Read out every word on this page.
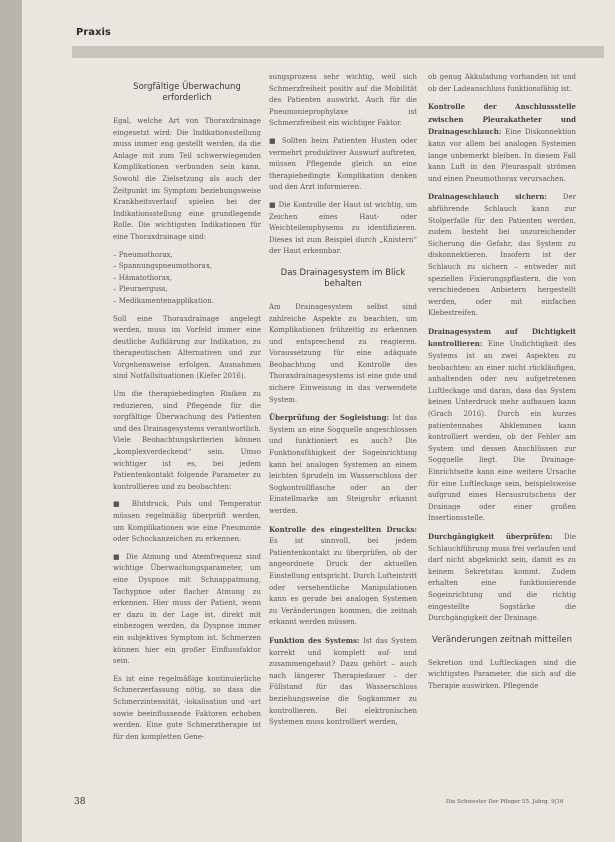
Praxis
Sorgfältige Überwachung erforderlich

Egal, welche Art von Thoraxdrainage eingesetzt wird: Die Indikationsstellung muss immer eng gestellt werden, da die Anlage mit zum Teil schwerwiegenden Komplikationen verbunden sein kann. Sowohl die Zielsetzung als auch der Zeitpunkt im Symptom beziehungsweise Krankheitsverlauf spielen bei der Indikationsstellung eine grundlegende Rolle. Die wichtigsten Indikationen für eine Thoraxdrainage sind:

– Pneumothorax,
– Spannungspneumothorax,
– Hämatothorax,
– Pleuraerguss,
– Medikamentenapplikation.

Soll eine Thoraxdrainage angelegt werden, muss im Vorfeld immer eine deutliche Aufklärung zur Indikation, zu therapeutischen Alternativen und zur Vorgehensweise erfolgen. Ausnahmen sind Notfallsituationen (Kiefer 2016).

Um die therapiebedingten Risiken zu reduzieren, sind Pflegende für die sorgfältige Überwachung des Patienten und des Drainagesystems verantwortlich. Viele Beobachtungskriterien können „komplexverdeckend“ sein. Umso wichtiger ist es, bei jedem Patientenkontakt folgende Parameter zu kontrollieren und zu beobachten:

■ Blutdruck, Puls und Temperatur müssen regelmäßig überprüft werden, um Komplikationen wie eine Pneumonie oder Schockanzeichen zu erkennen.

■ Die Atmung und Atemfrequenz sind wichtige Überwachungsparameter, um eine Dyspnoe mit Schnappatmung, Tachypnoe oder flacher Atmung zu erkennen. Hier muss der Patient, wenn er dazu in der Lage ist, direkt mit einbezogen werden, da Dyspnoe immer ein subjektives Symptom ist. Schmerzen können hier ein großer Einflussfaktor sein.

Es ist eine regelmäßige kontinuierliche Schmerzerfassung nötig, so dass die Schmerzintensität, -lokalisation und -art sowie beeinflussende Faktoren erhoben werden. Eine gute Schmerztherapie ist für den kompletten Gene-

sungsprozess sehr wichtig, weil sich Schmerzfreiheit positiv auf die Mobilität des Patienten auswirkt. Auch für die Pneumonieprophylaxe ist Schmerzfreiheit ein wichtiger Faktor.

■ Sollten beim Patienten Husten oder vermehrt produktiver Auswurf auftreten, müssen Pflegende gleich an eine therapiebedingte Komplikation denken und den Arzt informieren.

■ Die Kontrolle der Haut ist wichtig, um Zeichen eines Haut- oder Weichteilemphysems zu identifizieren. Dieses ist zum Beispiel durch „Knistern“ der Haut erkennbar.

Das Drainagesystem im Blick behalten

Am Drainagesystem selbst sind zahlreiche Aspekte zu beachten, um Komplikationen frühzeitig zu erkennen und entsprechend zu reagieren. Voraussetzung für eine adäquate Beobachtung und Kontrolle des Thoraxdrainagesystems ist eine gute und sichere Einweisung in das verwendete System.

Überprüfung der Sogleistung: Ist das System an eine Sogquelle angeschlossen und funktioniert es auch? Die Funktionsfähigkeit der Sogeinrichtung kann bei analogen Systemen an einem leichten Sprudeln im Wasserschloss der Sogkontrollflasche oder an der Einstellmarke am Steigrohr erkannt werden.

Kontrolle des eingestellten Drucks: Es ist sinnvoll, bei jedem Patientenkontakt zu überprüfen, ob der angeordnete Druck der aktuellen Einstellung entspricht. Durch Lufteintritt oder versehentliche Manipulationen kann es gerade bei analogen Systemen zu Veränderungen kommen, die zeitnah erkannt werden müssen.

Funktion des Systems: Ist das System korrekt und komplett auf- und zusammengebaut? Dazu gehört – auch nach längerer Therapiedauer – der Füllstand für das Wasserschloss beziehungsweise die Sogkammer zu kontrollieren. Bei elektronischen Systemen muss kontrolliert werden,

ob genug Akkuladung vorhanden ist und ob der Ladeanschluss funktionsfähig ist.

Kontrolle der Anschlussstelle zwischen Pleurakatheter und Drainageschlauch: Eine Diskonnektion kann vor allem bei analogen Systemen lange unbemerkt bleiben. In diesem Fall kann Luft in den Pleuraspalt strömen und einen Pneumothorax verursachen.

Drainageschlauch sichern: Der abführende Schlauch kann zur Stolperfalle für den Patienten werden, zudem besteht bei unzureichender Sicherung die Gefahr, das System zu diskonnektieren. Insofern ist der Schlauch zu sichern – entweder mit speziellen Fixierungspflastern, die von verschiedenen Anbietern hergestellt werden, oder mit einfachen Klebestreifen.

Drainagesystem auf Dichtigkeit kontrollieren: Eine Undichtigkeit des Systems ist an zwei Aspekten zu beobachten: an einer nicht rückläufigen, anhaltenden oder neu aufgetretenen Luftleckage und daran, dass das System keinen Unterdruck mehr aufbauen kann (Grach 2016). Durch ein kurzes patientennahes Abklemmen kann kontrolliert werden, ob der Fehler am System und dessen Anschlüssen zur Sogquelle liegt. Die Drainage-Einrichtseite kann eine weitere Ursache für eine Luftleckage sein, beispielsweise aufgrund eines Herausrutschens der Drainage oder einer großen Insertionsstelle.

Durchgängigkeit überprüfen: Die Schlauchführung muss frei verlaufen und darf nicht abgeknickt sein, damit es zu keinem Sekretstau kommt. Zudem erhalten eine funktionierende Sogeinrichtung und die richtig eingestellte Sogstärke die Durchgängigkeit der Drainage.

Veränderungen zeitnah mitteilen

Sekretion und Luftleckagen sind die wichtigsten Parameter, die sich auf die Therapie auswirken. Pflegende

38	Die Schwester Der Pfleger 55. Jahrg. 9|16
